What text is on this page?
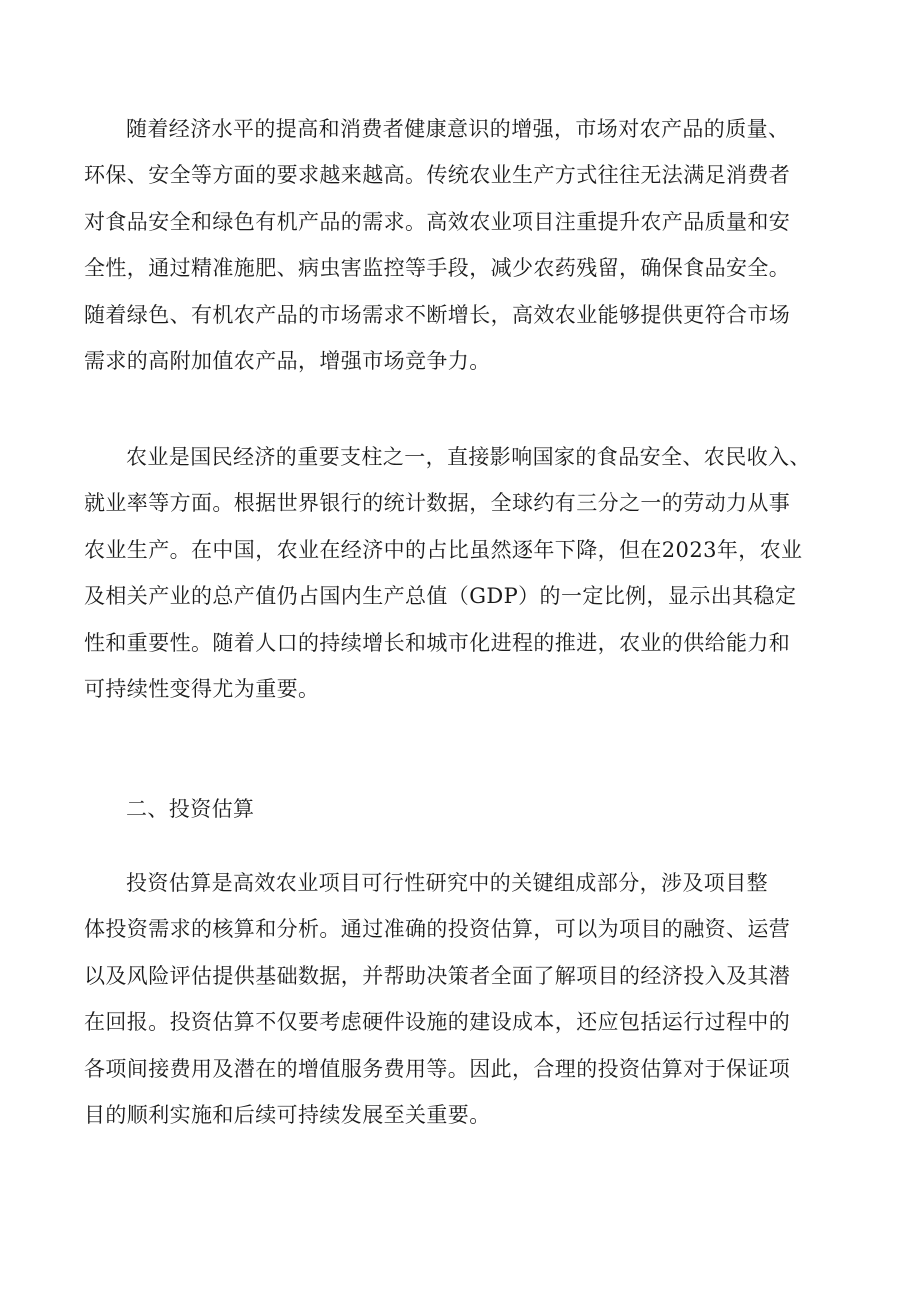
随着经济水平的提高和消费者健康意识的增强，市场对农产品的质量、
环保、安全等方面的要求越来越高。传统农业生产方式往往无法满足消费者
对食品安全和绿色有机产品的需求。高效农业项目注重提升农产品质量和安
全性，通过精准施肥、病虫害监控等手段，减少农药残留，确保食品安全。
随着绿色、有机农产品的市场需求不断增长，高效农业能够提供更符合市场
需求的高附加值农产品，增强市场竞争力。
农业是国民经济的重要支柱之一，直接影响国家的食品安全、农民收入、
就业率等方面。根据世界银行的统计数据，全球约有三分之一的劳动力从事
农业生产。在中国，农业在经济中的占比虽然逐年下降，但在2023年，农业
及相关产业的总产值仍占国内生产总值（GDP）的一定比例，显示出其稳定
性和重要性。随着人口的持续增长和城市化进程的推进，农业的供给能力和
可持续性变得尤为重要。
二、投资估算
投资估算是高效农业项目可行性研究中的关键组成部分，涉及项目整
体投资需求的核算和分析。通过准确的投资估算，可以为项目的融资、运营
以及风险评估提供基础数据，并帮助决策者全面了解项目的经济投入及其潜
在回报。投资估算不仅要考虑硬件设施的建设成本，还应包括运行过程中的
各项间接费用及潜在的增值服务费用等。因此，合理的投资估算对于保证项
目的顺利实施和后续可持续发展至关重要。
